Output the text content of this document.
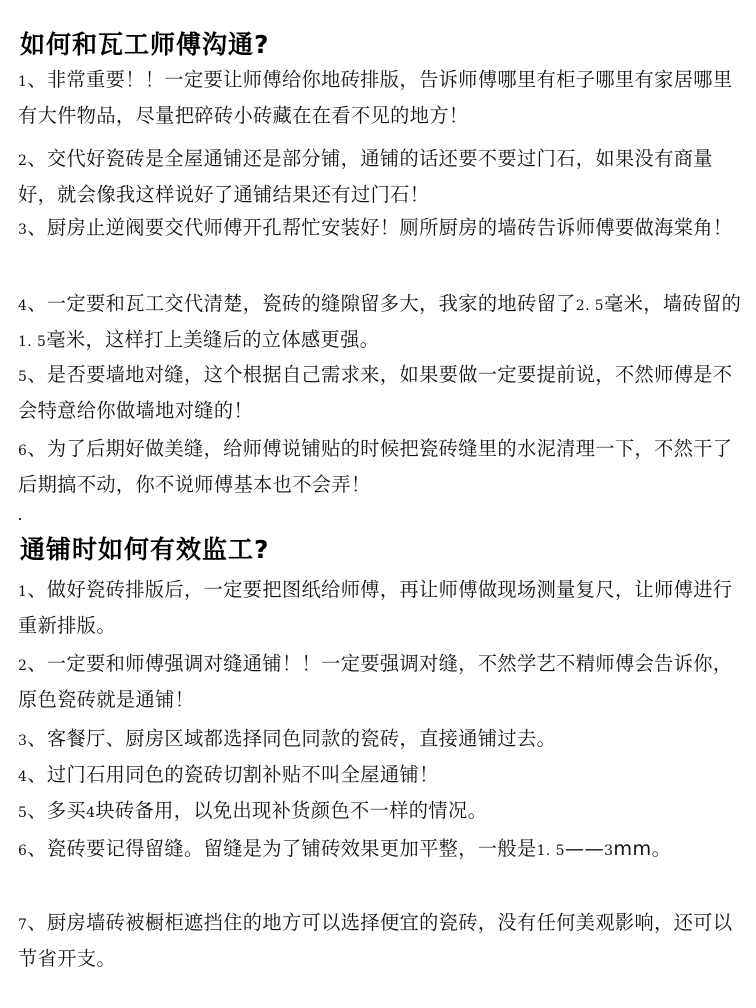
如何和瓦工师傅沟通?
1、非常重要！！一定要让师傅给你地砖排版，告诉师傅哪里有柜子哪里有家居哪里有大件物品，尽量把碎砖小砖藏在在看不见的地方！
2、交代好瓷砖是全屋通铺还是部分铺，通铺的话还要不要过门石，如果没有商量好，就会像我这样说好了通铺结果还有过门石！
3、厨房止逆阀要交代师傅开孔帮忙安装好！厕所厨房的墙砖告诉师傅要做海棠角！
4、一定要和瓦工交代清楚，瓷砖的缝隙留多大，我家的地砖留了2. 5毫米，墙砖留的1. 5毫米，这样打上美缝后的立体感更强。
5、是否要墙地对缝，这个根据自己需求来，如果要做一定要提前说，不然师傅是不会特意给你做墙地对缝的！
6、为了后期好做美缝，给师傅说铺贴的时候把瓷砖缝里的水泥清理一下，不然干了后期搞不动，你不说师傅基本也不会弄！
通铺时如何有效监工?
1、做好瓷砖排版后，一定要把图纸给师傅，再让师傅做现场测量复尺，让师傅进行重新排版。
2、一定要和师傅强调对缝通铺！！一定要强调对缝，不然学艺不精师傅会告诉你，原色瓷砖就是通铺！
3、客餐厅、厨房区域都选择同色同款的瓷砖，直接通铺过去。
4、过门石用同色的瓷砖切割补贴不叫全屋通铺！
5、多买4块砖备用，以免出现补货颜色不一样的情况。
6、瓷砖要记得留缝。留缝是为了铺砖效果更加平整，一般是1. 5——3mm。
7、厨房墙砖被橱柜遮挡住的地方可以选择便宜的瓷砖，没有任何美观影响，还可以节省开支。
